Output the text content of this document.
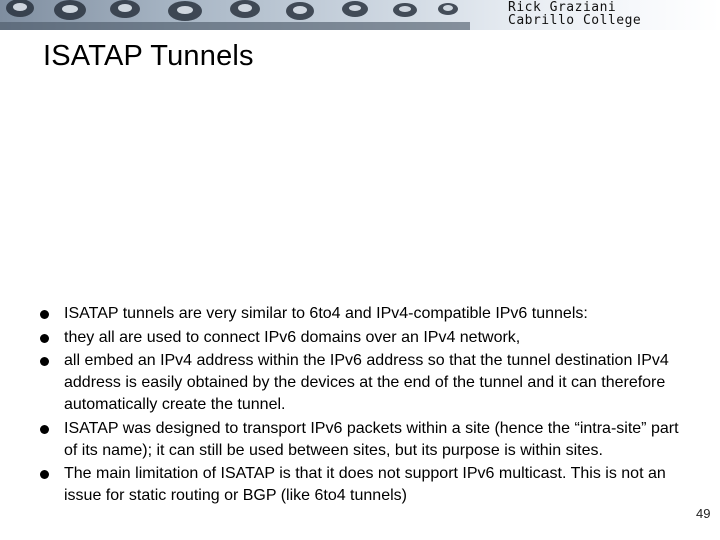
Rick Graziani
Cabrillo College
ISATAP Tunnels
ISATAP tunnels are very similar to 6to4 and IPv4-compatible IPv6 tunnels:
they all are used to connect IPv6 domains over an IPv4 network,
all embed an IPv4 address within the IPv6 address so that the tunnel destination IPv4 address is easily obtained by the devices at the end of the tunnel and it can therefore automatically create the tunnel.
ISATAP was designed to transport IPv6 packets within a site (hence the “intra-site” part of its name); it can still be used between sites, but its purpose is within sites.
The main limitation of ISATAP is that it does not support IPv6 multicast. This is not an issue for static routing or BGP (like 6to4 tunnels)
49
